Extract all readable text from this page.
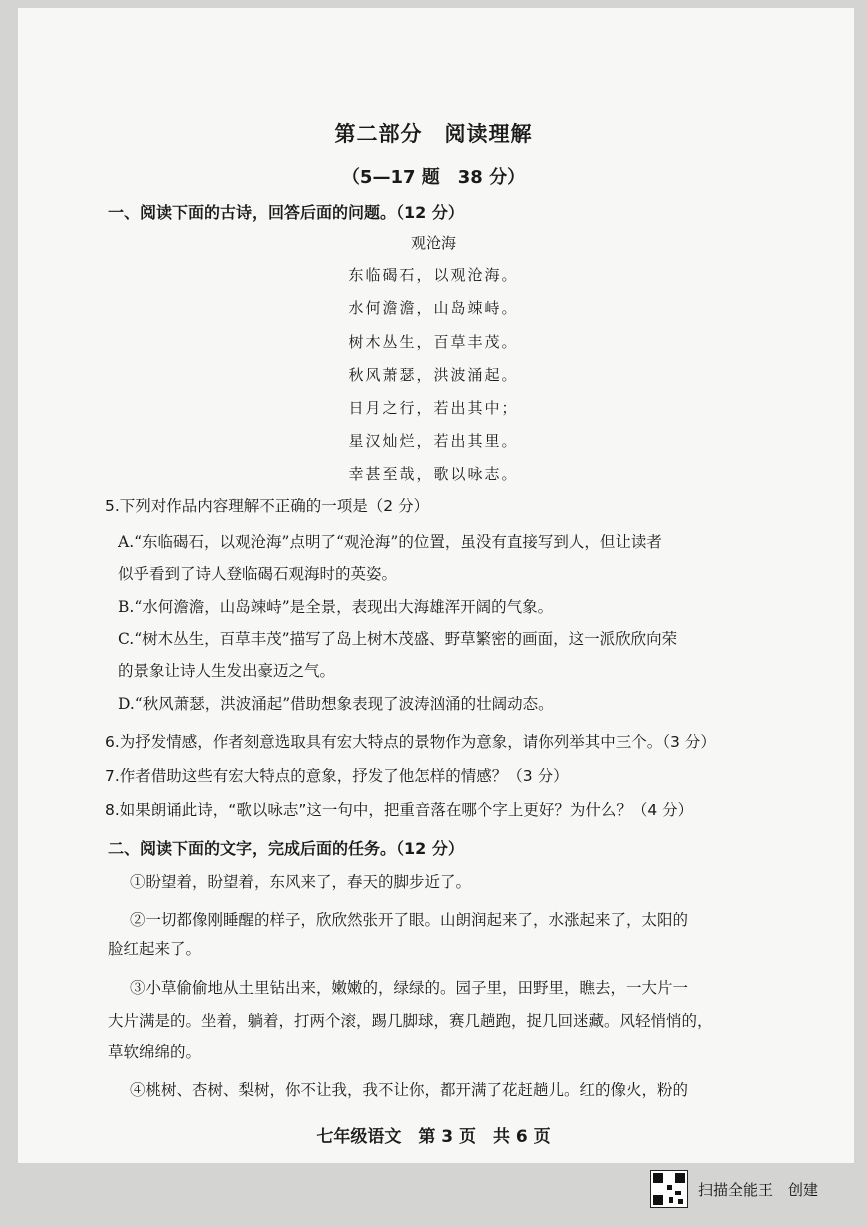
第二部分　阅读理解
（5—17 题　38 分）
一、阅读下面的古诗，回答后面的问题。（12 分）
观沧海
东临碣石，以观沧海。
水何澹澹，山岛竦峙。
树木丛生，百草丰茂。
秋风萧瑟，洪波涌起。
日月之行，若出其中；
星汉灿烂，若出其里。
幸甚至哉，歌以咏志。
5.下列对作品内容理解不正确的一项是（2 分）
A.“东临碣石，以观沧海”点明了“观沧海”的位置，虽没有直接写到人，但让读者
似乎看到了诗人登临碣石观海时的英姿。
B.“水何澹澹，山岛竦峙”是全景，表现出大海雄浑开阔的气象。
C.“树木丛生，百草丰茂”描写了岛上树木茂盛、野草繁密的画面，这一派欣欣向荣
的景象让诗人生发出豪迈之气。
D.“秋风萧瑟，洪波涌起”借助想象表现了波涛汹涌的壮阔动态。
6.为抒发情感，作者刻意选取具有宏大特点的景物作为意象，请你列举其中三个。（3 分）
7.作者借助这些有宏大特点的意象，抒发了他怎样的情感？（3 分）
8.如果朗诵此诗，“歌以咏志”这一句中，把重音落在哪个字上更好？为什么？（4 分）
二、阅读下面的文字，完成后面的任务。（12 分）
①盼望着，盼望着，东风来了，春天的脚步近了。
②一切都像刚睡醒的样子，欣欣然张开了眼。山朗润起来了，水涨起来了，太阳的
脸红起来了。
③小草偷偷地从土里钻出来，嫩嫩的，绿绿的。园子里，田野里，瞧去，一大片一
大片满是的。坐着，躺着，打两个滚，踢几脚球，赛几趟跑，捉几回迷藏。风轻悄悄的，
草软绵绵的。
④桃树、杏树、梨树，你不让我，我不让你，都开满了花赶趟儿。红的像火，粉的
七年级语文　第 3 页　共 6 页
扫描全能王　创建
